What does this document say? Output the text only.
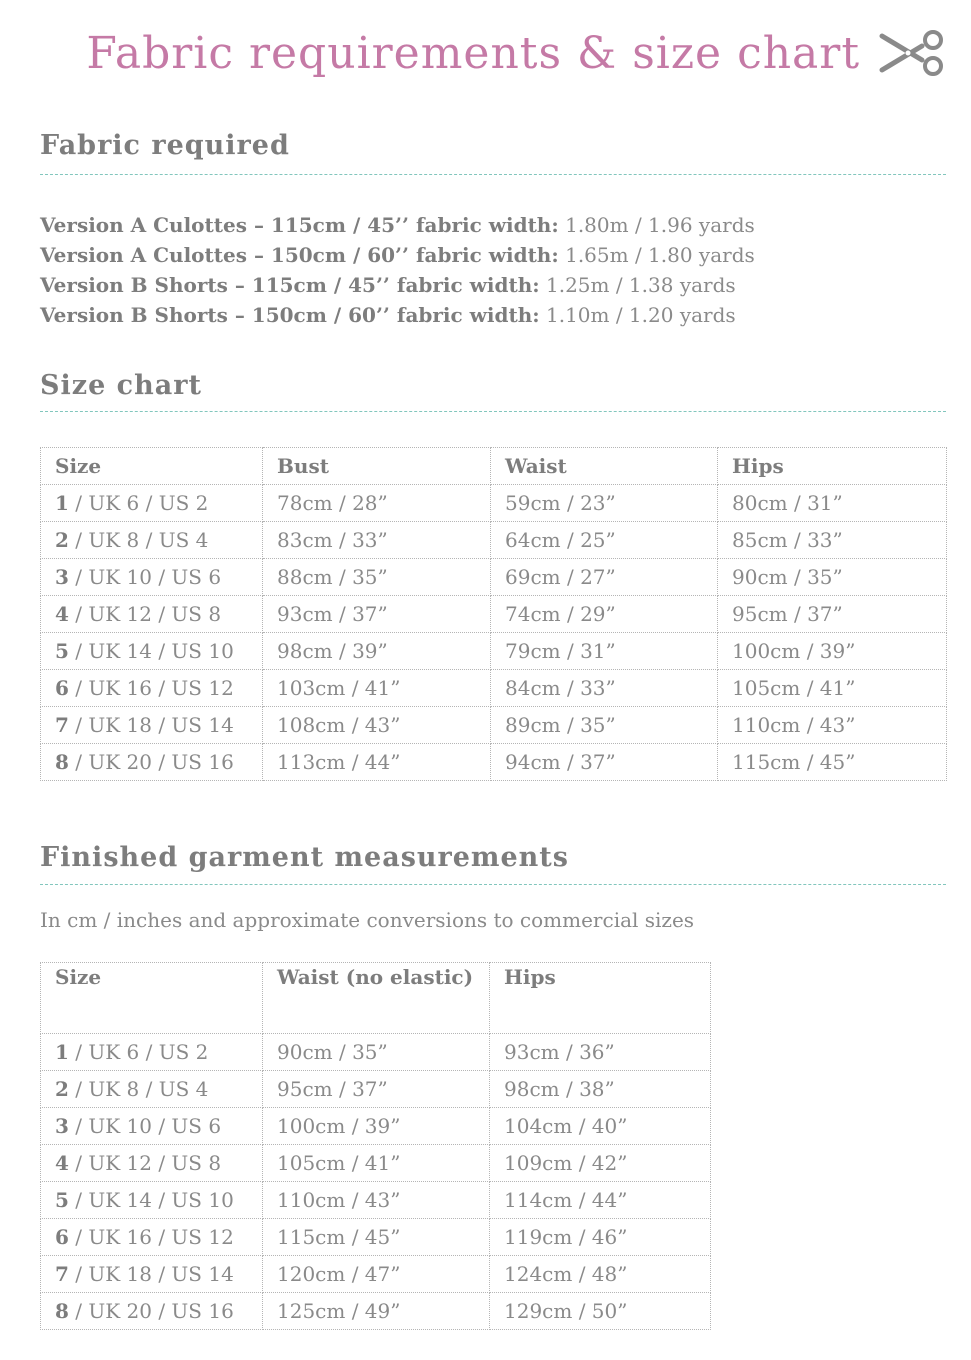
Fabric requirements & size chart
Fabric required
Version A Culottes – 115cm / 45’’ fabric width: 1.80m / 1.96 yards
Version A Culottes – 150cm / 60’’ fabric width: 1.65m / 1.80 yards
Version B Shorts – 115cm / 45’’ fabric width: 1.25m / 1.38 yards
Version B Shorts – 150cm / 60’’ fabric width: 1.10m / 1.20 yards
Size chart
Size	Bust	Waist	Hips
1 / UK 6 / US 2	78cm / 28”	59cm / 23”	80cm / 31”
2 / UK 8 / US 4	83cm / 33”	64cm / 25”	85cm / 33”
3 / UK 10 / US 6	88cm / 35”	69cm / 27”	90cm / 35”
4 / UK 12 / US 8	93cm / 37”	74cm / 29”	95cm / 37”
5 / UK 14 / US 10	98cm / 39”	79cm / 31”	100cm / 39”
6 / UK 16 / US 12	103cm / 41”	84cm / 33”	105cm / 41”
7 / UK 18 / US 14	108cm / 43”	89cm / 35”	110cm / 43”
8 / UK 20 / US 16	113cm / 44”	94cm / 37”	115cm / 45”
Finished garment measurements
In cm / inches and approximate conversions to commercial sizes
Size	Waist (no elastic)	Hips
1 / UK 6 / US 2	90cm / 35”	93cm / 36”
2 / UK 8 / US 4	95cm / 37”	98cm / 38”
3 / UK 10 / US 6	100cm / 39”	104cm / 40”
4 / UK 12 / US 8	105cm / 41”	109cm / 42”
5 / UK 14 / US 10	110cm / 43”	114cm / 44”
6 / UK 16 / US 12	115cm / 45”	119cm / 46”
7 / UK 18 / US 14	120cm / 47”	124cm / 48”
8 / UK 20 / US 16	125cm / 49”	129cm / 50”
